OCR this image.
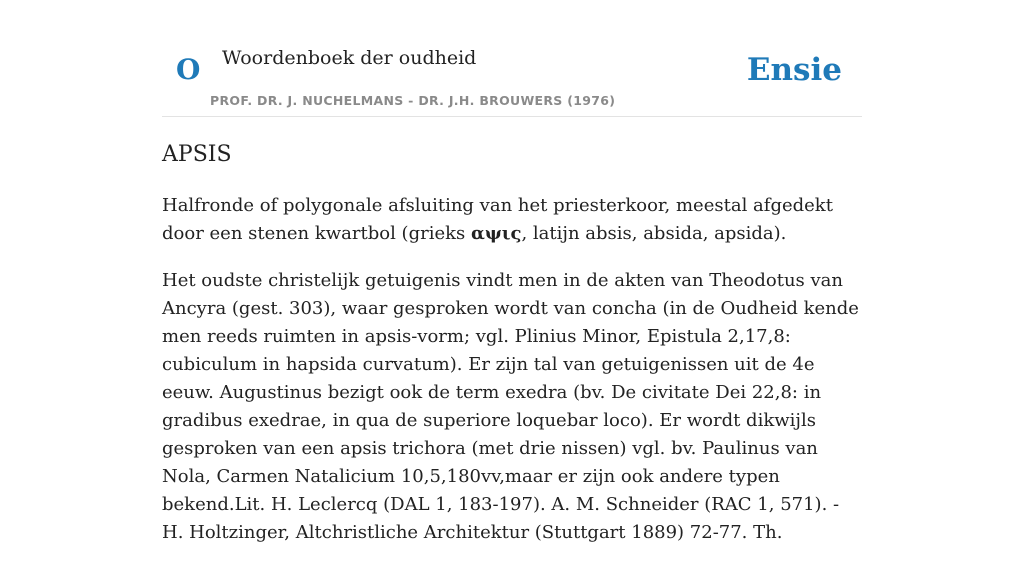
O Woordenboek der oudheid
PROF. DR. J. NUCHELMANS - DR. J.H. BROUWERS (1976)
Ensie
APSIS

Halfronde of polygonale afsluiting van het priesterkoor, meestal afgedekt door een stenen kwartbol (grieks αψις, latijn absis, absida, apsida).

Het oudste christelijk getuigenis vindt men in de akten van Theodotus van Ancyra (gest. 303), waar gesproken wordt van concha (in de Oudheid kende men reeds ruimten in apsis-vorm; vgl. Plinius Minor, Epistula 2,17,8: cubiculum in hapsida curvatum). Er zijn tal van getuigenissen uit de 4e eeuw. Augustinus bezigt ook de term exedra (bv. De civitate Dei 22,8: in gradibus exedrae, in qua de superiore loquebar loco). Er wordt dikwijls gesproken van een apsis trichora (met drie nissen) vgl. bv. Paulinus van Nola, Carmen Natalicium 10,5,180vv,maar er zijn ook andere typen bekend.Lit. H. Leclercq (DAL 1, 183-197). A. M. Schneider (RAC 1, 571). - H. Holtzinger, Altchristliche Architektur (Stuttgart 1889) 72-77. Th.
